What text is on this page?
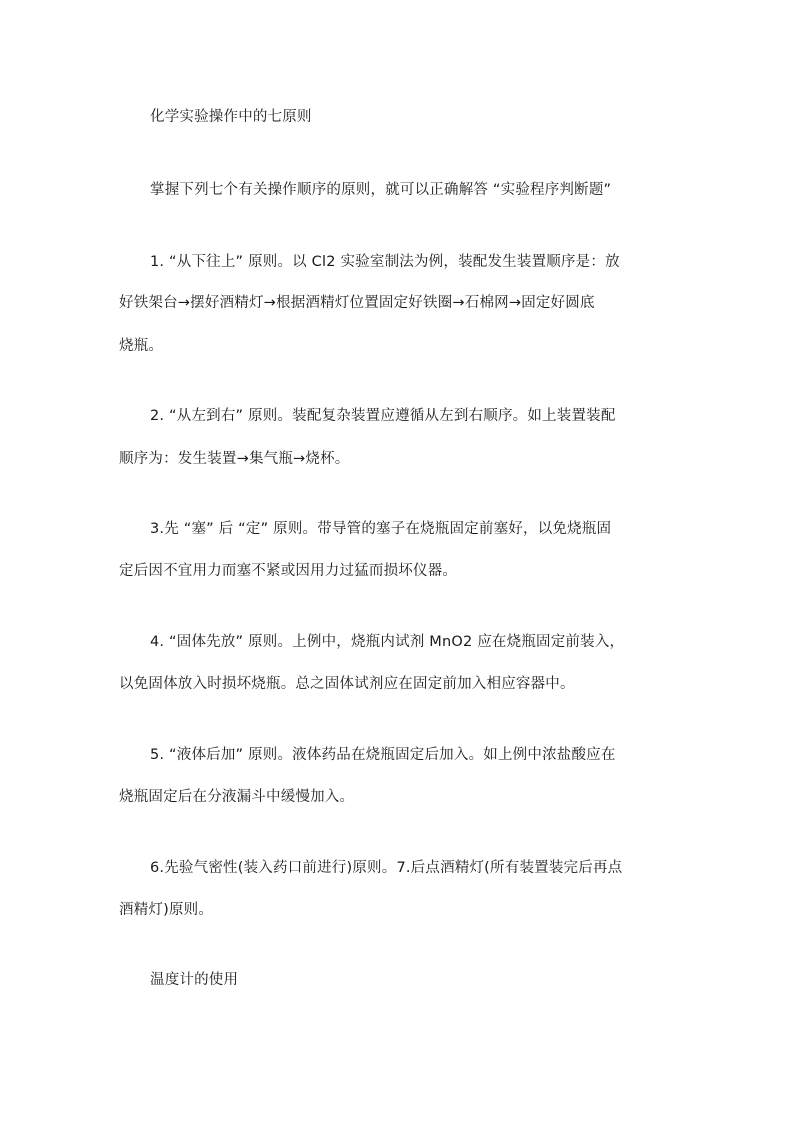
化学实验操作中的七原则
掌握下列七个有关操作顺序的原则，就可以正确解答 “实验程序判断题”
1. “从下往上” 原则。以 Cl2 实验室制法为例，装配发生装置顺序是：放
好铁架台→摆好酒精灯→根据酒精灯位置固定好铁圈→石棉网→固定好圆底
烧瓶。
2. “从左到右” 原则。装配复杂装置应遵循从左到右顺序。如上装置装配
顺序为：发生装置→集气瓶→烧杯。
3.先 “塞” 后 “定” 原则。带导管的塞子在烧瓶固定前塞好，以免烧瓶固
定后因不宜用力而塞不紧或因用力过猛而损坏仪器。
4. “固体先放” 原则。上例中，烧瓶内试剂 MnO2 应在烧瓶固定前装入，
以免固体放入时损坏烧瓶。总之固体试剂应在固定前加入相应容器中。
5. “液体后加” 原则。液体药品在烧瓶固定后加入。如上例中浓盐酸应在
烧瓶固定后在分液漏斗中缓慢加入。
6.先验气密性(装入药口前进行)原则。7.后点酒精灯(所有装置装完后再点
酒精灯)原则。
温度计的使用
